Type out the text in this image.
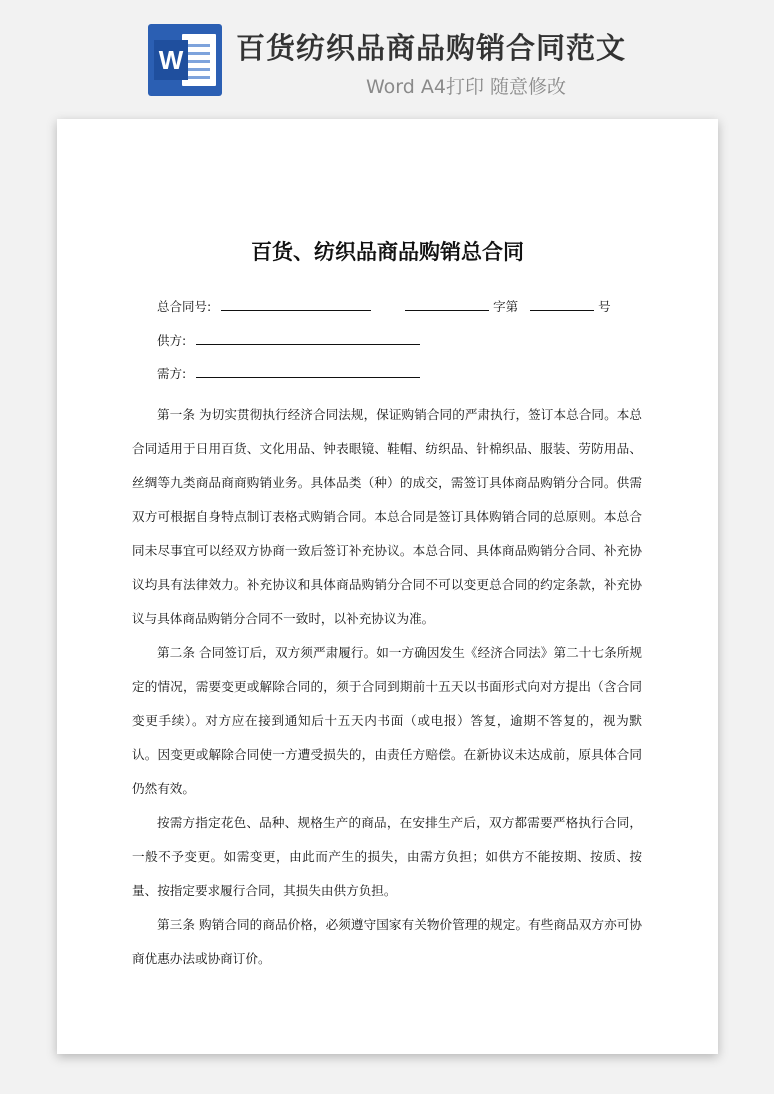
W 百货纺织品商品购销合同范文
Word A4打印 随意修改
百货、纺织品商品购销总合同
总合同号:	字第	号
供方:
需方:

第一条 为切实贯彻执行经济合同法规，保证购销合同的严肃执行，签订本总合同。本总合同适用于日用百货、文化用品、钟表眼镜、鞋帽、纺织品、针棉织品、服装、劳防用品、丝绸等九类商品商商购销业务。具体品类（种）的成交，需签订具体商品购销分合同。供需双方可根据自身特点制订表格式购销合同。本总合同是签订具体购销合同的总原则。本总合同未尽事宜可以经双方协商一致后签订补充协议。本总合同、具体商品购销分合同、补充协议均具有法律效力。补充协议和具体商品购销分合同不可以变更总合同的约定条款，补充协议与具体商品购销分合同不一致时，以补充协议为准。

第二条 合同签订后，双方须严肃履行。如一方确因发生《经济合同法》第二十七条所规定的情况，需要变更或解除合同的，须于合同到期前十五天以书面形式向对方提出（含合同变更手续）。对方应在接到通知后十五天内书面（或电报）答复，逾期不答复的，视为默认。因变更或解除合同使一方遭受损失的，由责任方赔偿。在新协议未达成前，原具体合同仍然有效。

按需方指定花色、品种、规格生产的商品，在安排生产后，双方都需要严格执行合同，一般不予变更。如需变更，由此而产生的损失，由需方负担；如供方不能按期、按质、按量、按指定要求履行合同，其损失由供方负担。

第三条 购销合同的商品价格，必须遵守国家有关物价管理的规定。有些商品双方亦可协商优惠办法或协商订价。
